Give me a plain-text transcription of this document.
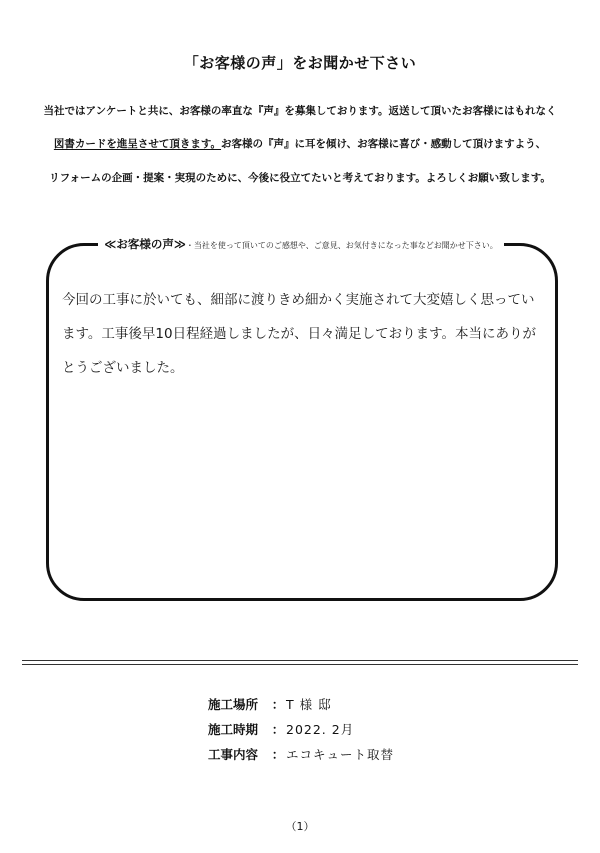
「お客様の声」をお聞かせ下さい
当社ではアンケートと共に、お客様の率直な『声』を募集しております。返送して頂いたお客様にはもれなく
図書カードを進呈させて頂きます。お客様の『声』に耳を傾け、お客様に喜び・感動して頂けますよう、
リフォームの企画・提案・実現のために、今後に役立てたいと考えております。よろしくお願い致します。
≪お客様の声≫・当社を使って頂いてのご感想や、ご意見、お気付きになった事などお聞かせ下さい。
今回の工事に於いても、細部に渡りきめ細かく実施されて大変嬉しく思っています。工事後早10日程経過しましたが、日々満足しております。本当にありがとうございました。
施工場所 ： T 様 邸
施工時期 ： 2022. 2月
工事内容 ： エコキュート取替
（1）
